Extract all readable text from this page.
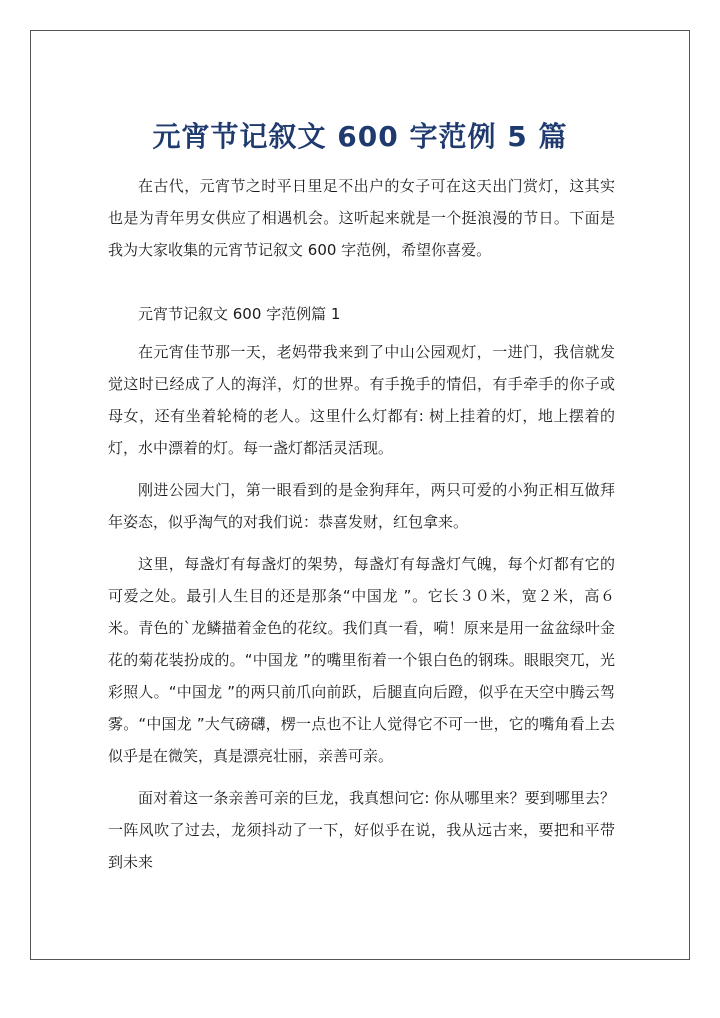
元宵节记叙文 600 字范例 5 篇

在古代，元宵节之时平日里足不出户的女子可在这天出门赏灯，这其实也是为青年男女供应了相遇机会。这听起来就是一个挺浪漫的节日。下面是我为大家收集的元宵节记叙文 600 字范例，希望你喜爱。

元宵节记叙文 600 字范例篇 1

在元宵佳节那一天，老妈带我来到了中山公园观灯，一进门，我信就发觉这时已经成了人的海洋，灯的世界。有手挽手的情侣，有手牵手的你子或母女，还有坐着轮椅的老人。这里什么灯都有: 树上挂着的灯，地上摆着的灯，水中漂着的灯。每一盏灯都活灵活现。

刚进公园大门，第一眼看到的是金狗拜年，两只可爱的小狗正相互做拜年姿态，似乎淘气的对我们说：恭喜发财，红包拿来。

这里，每盏灯有每盏灯的架势，每盏灯有每盏灯气魄，每个灯都有它的可爱之处。最引人生目的还是那条“中国龙 ”。它长３０米，宽２米，高６米。青色的`龙鳞描着金色的花纹。我们真一看，嗬！原来是用一盆盆绿叶金花的菊花装扮成的。“中国龙 ”的嘴里衔着一个银白色的钢珠。眼眼突兀，光彩照人。“中国龙 ”的两只前爪向前跃，后腿直向后蹬，似乎在天空中腾云驾雾。“中国龙 ”大气磅礴，楞一点也不让人觉得它不可一世，它的嘴角看上去似乎是在微笑，真是漂亮壮丽，亲善可亲。

面对着这一条亲善可亲的巨龙，我真想问它: 你从哪里来？要到哪里去？一阵风吹了过去，龙须抖动了一下，好似乎在说，我从远古来，要把和平带到未来
